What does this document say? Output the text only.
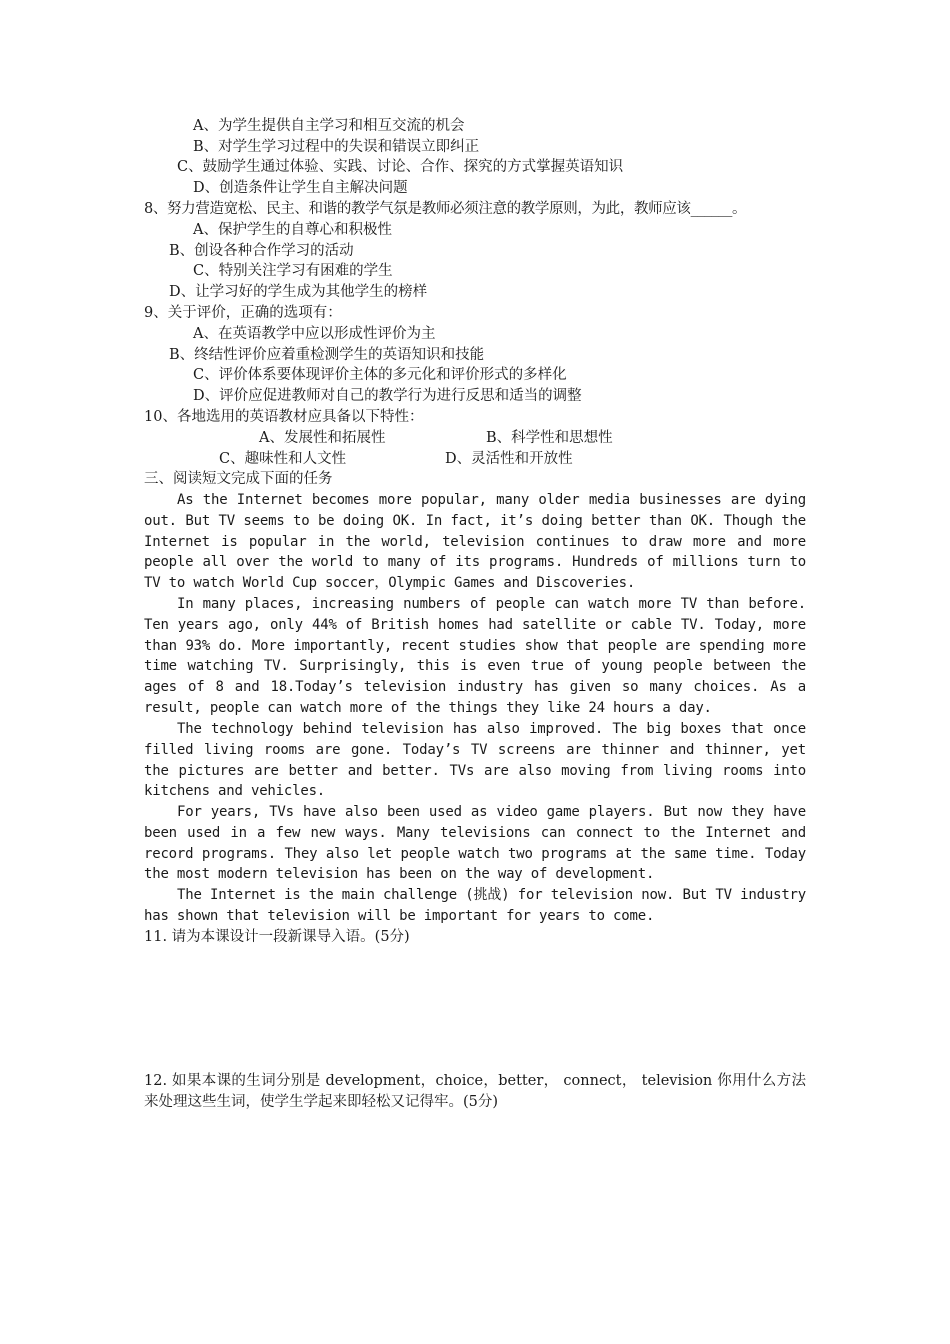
A、为学生提供自主学习和相互交流的机会
B、对学生学习过程中的失误和错误立即纠正
C、鼓励学生通过体验、实践、讨论、合作、探究的方式掌握英语知识
D、创造条件让学生自主解决问题
8、努力营造宽松、民主、和谐的教学气氛是教师必须注意的教学原则，为此，教师应该______。
A、保护学生的自尊心和积极性
B、创设各种合作学习的活动
C、特别关注学习有困难的学生
D、让学习好的学生成为其他学生的榜样
9、关于评价，正确的选项有：
A、在英语教学中应以形成性评价为主
B、终结性评价应着重检测学生的英语知识和技能
C、评价体系要体现评价主体的多元化和评价形式的多样化
D、评价应促进教师对自己的教学行为进行反思和适当的调整
10、各地选用的英语教材应具备以下特性：
A、发展性和拓展性	B、科学性和思想性
C、趣味性和人文性	D、灵活性和开放性
三、阅读短文完成下面的任务
As the Internet becomes more popular, many older media businesses are dying out. But TV seems to be doing OK. In fact, it’s doing better than OK. Though the Internet is popular in the world, television continues to draw more and more people all over the world to many of its programs. Hundreds of millions turn to TV to watch World Cup soccer，Olympic Games and Discoveries.
In many places, increasing numbers of people can watch more TV than before. Ten years ago, only 44% of British homes had satellite or cable TV. Today, more than 93% do. More importantly, recent studies show that people are spending more time watching TV. Surprisingly, this is even true of young people between the ages of 8 and 18.Today’s television industry has given so many choices. As a result, people can watch more of the things they like 24 hours a day.
The technology behind television has also improved. The big boxes that once filled living rooms are gone. Today’s TV screens are thinner and thinner, yet the pictures are better and better. TVs are also moving from living rooms into kitchens and vehicles.
For years, TVs have also been used as video game players. But now they have been used in a few new ways. Many televisions can connect to the Internet and record programs. They also let people watch two programs at the same time. Today the most modern television has been on the way of development.
The Internet is the main challenge (挑战) for television now. But TV industry has shown that television will be important for years to come.
11. 请为本课设计一段新课导入语。(5分)
12. 如果本课的生词分别是 development，choice，better， connect， television 你用什么方法来处理这些生词，使学生学起来即轻松又记得牢。(5分)
